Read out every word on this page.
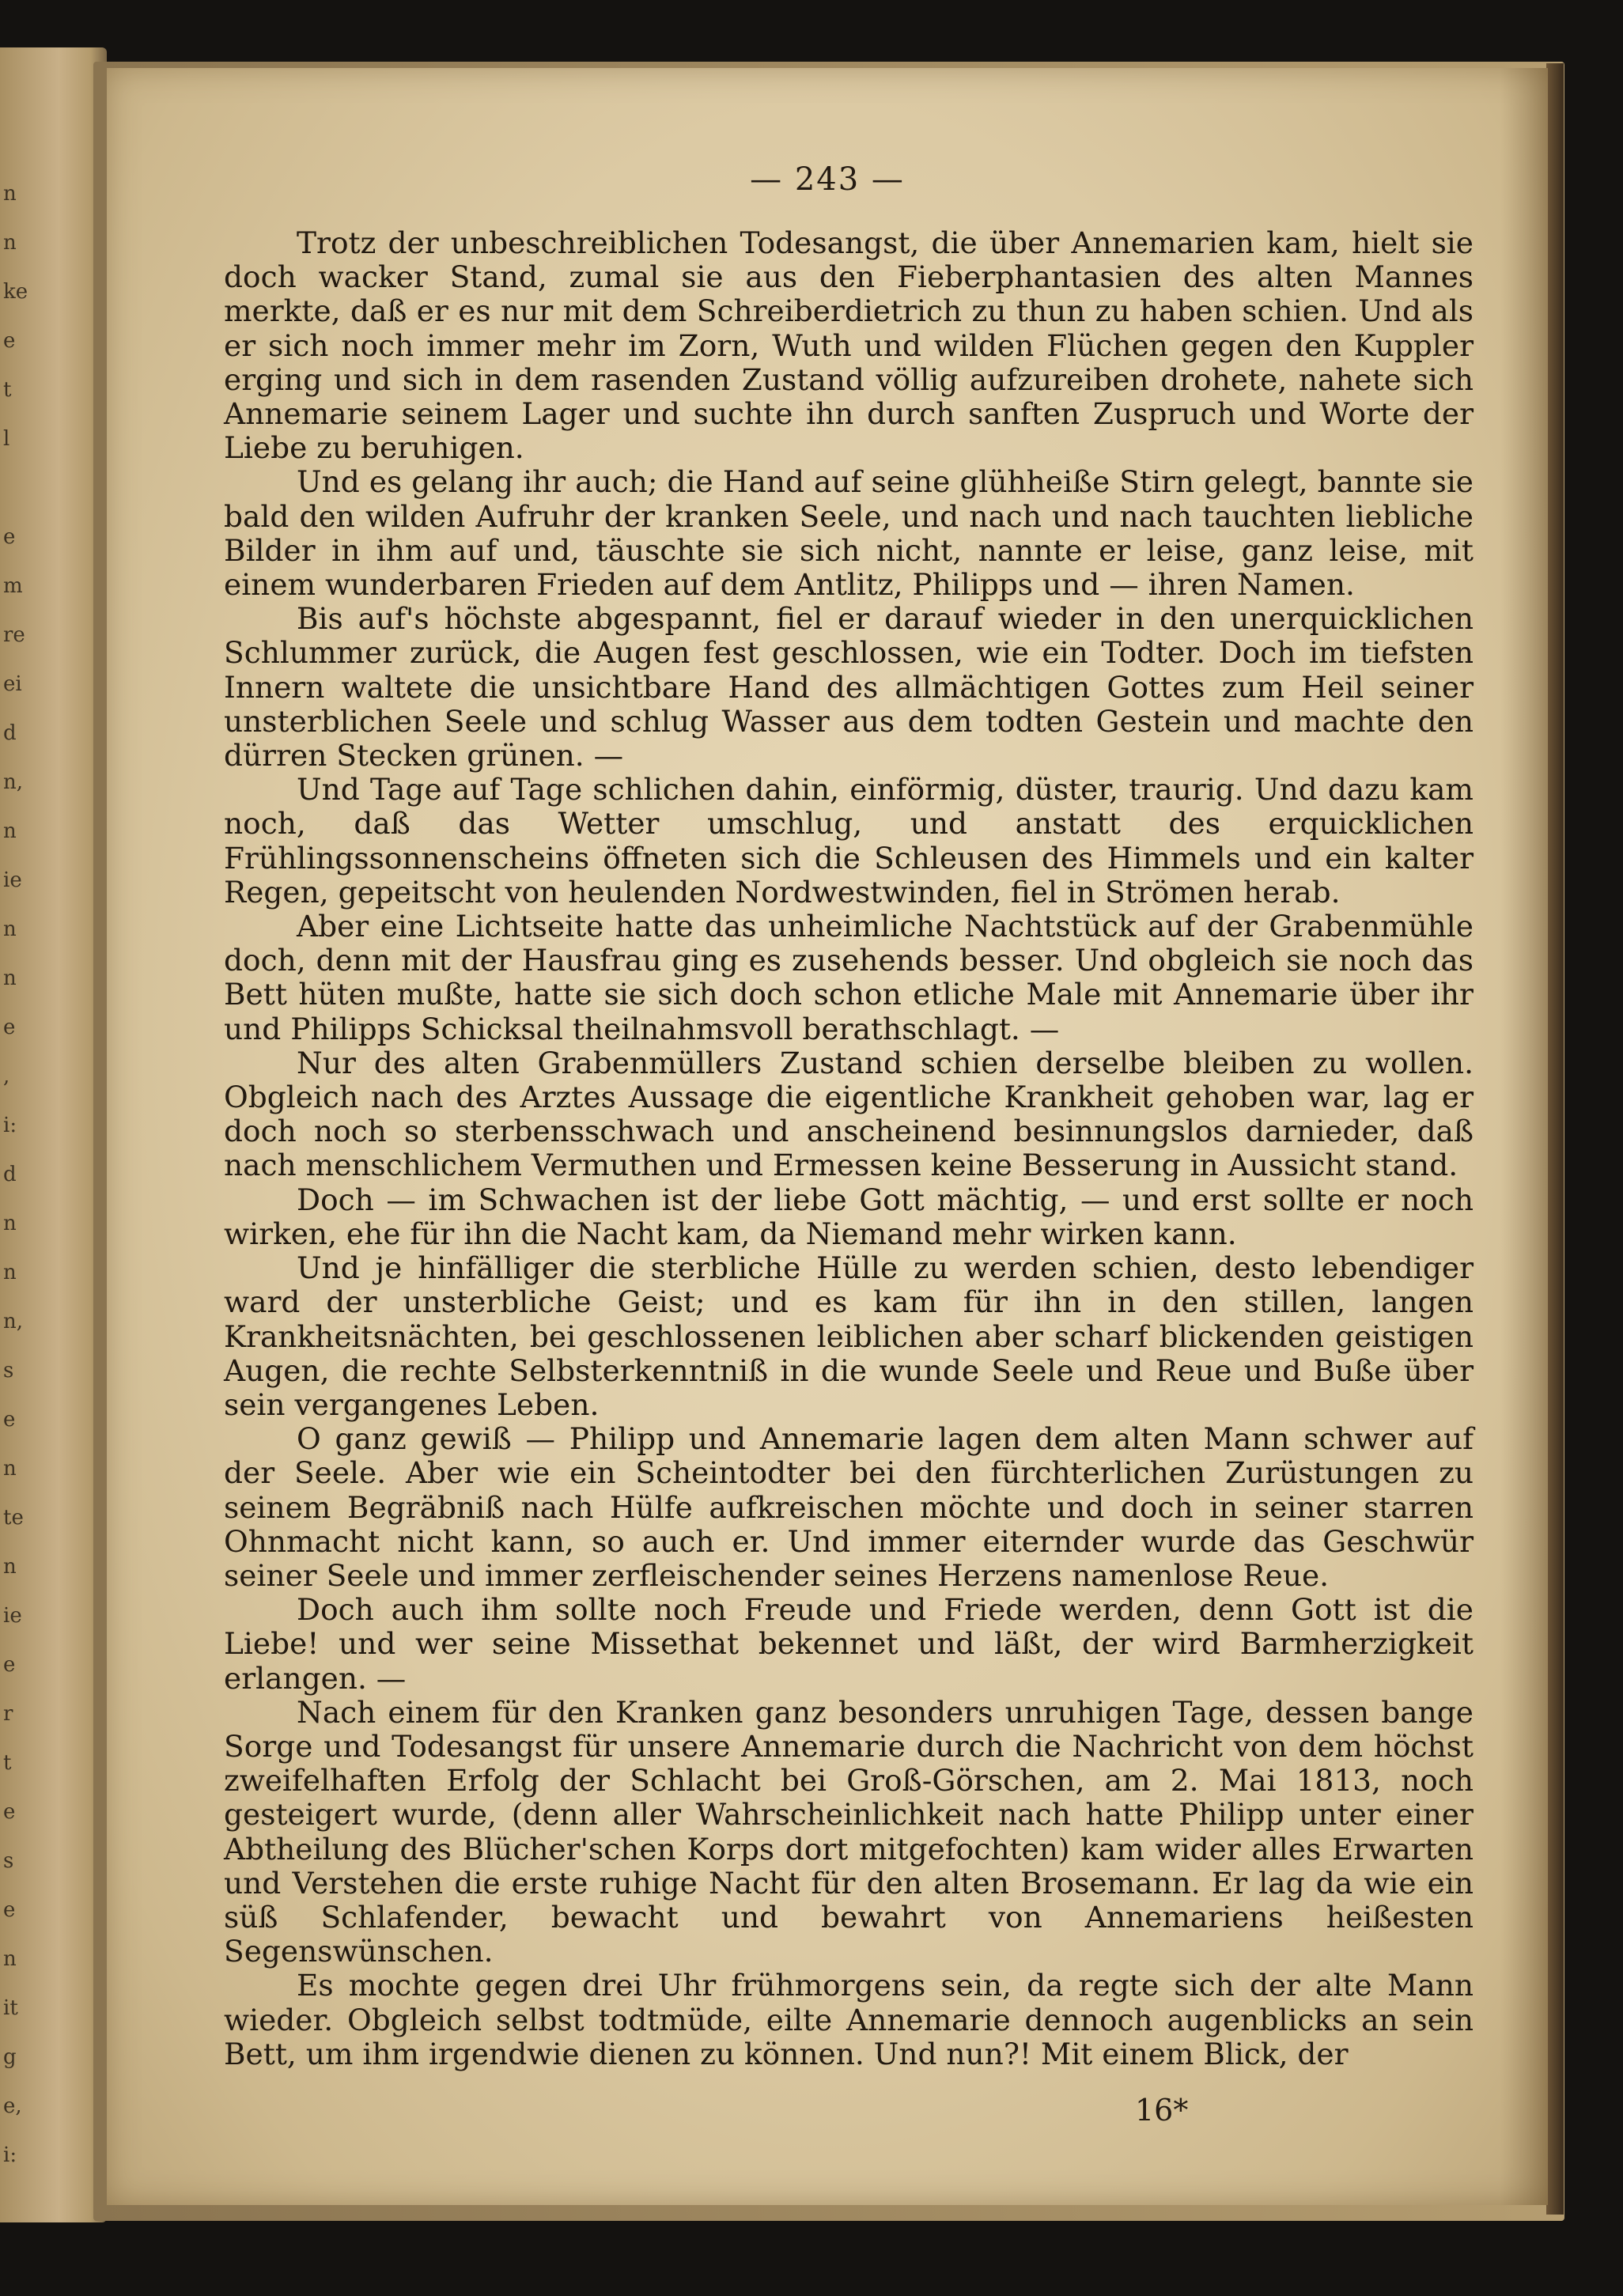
n
n
ke
e
t
l
e
m
re
ei
d
n,
n
ie
n
n
e
,
i:
d
n
n
n,
s
e
n
te
n
ie
e
r
t
e
s
e
n
it
g
e,
i:
— 243 —

Trotz der unbeschreiblichen Todesangst, die über Annemarien kam, hielt sie doch wacker Stand, zumal sie aus den Fieberphantasien des alten Mannes merkte, daß er es nur mit dem Schreiberdietrich zu thun zu haben schien. Und als er sich noch immer mehr im Zorn, Wuth und wilden Flüchen gegen den Kuppler erging und sich in dem rasenden Zustand völlig aufzureiben drohete, nahete sich Annemarie seinem Lager und suchte ihn durch sanften Zuspruch und Worte der Liebe zu beruhigen.

Und es gelang ihr auch; die Hand auf seine glühheiße Stirn gelegt, bannte sie bald den wilden Aufruhr der kranken Seele, und nach und nach tauchten liebliche Bilder in ihm auf und, täuschte sie sich nicht, nannte er leise, ganz leise, mit einem wunderbaren Frieden auf dem Antlitz, Philipps und — ihren Namen.

Bis auf's höchste abgespannt, fiel er darauf wieder in den unerquicklichen Schlummer zurück, die Augen fest geschlossen, wie ein Todter. Doch im tiefsten Innern waltete die unsichtbare Hand des allmächtigen Gottes zum Heil seiner unsterblichen Seele und schlug Wasser aus dem todten Gestein und machte den dürren Stecken grünen. —

Und Tage auf Tage schlichen dahin, einförmig, düster, traurig. Und dazu kam noch, daß das Wetter umschlug, und anstatt des erquicklichen Frühlingssonnenscheins öffneten sich die Schleusen des Himmels und ein kalter Regen, gepeitscht von heulenden Nordwestwinden, fiel in Strömen herab.

Aber eine Lichtseite hatte das unheimliche Nachtstück auf der Grabenmühle doch, denn mit der Hausfrau ging es zusehends besser. Und obgleich sie noch das Bett hüten mußte, hatte sie sich doch schon etliche Male mit Annemarie über ihr und Philipps Schicksal theilnahmsvoll berathschlagt. —

Nur des alten Grabenmüllers Zustand schien derselbe bleiben zu wollen. Obgleich nach des Arztes Aussage die eigentliche Krankheit gehoben war, lag er doch noch so sterbensschwach und anscheinend besinnungslos darnieder, daß nach menschlichem Vermuthen und Ermessen keine Besserung in Aussicht stand.

Doch — im Schwachen ist der liebe Gott mächtig, — und erst sollte er noch wirken, ehe für ihn die Nacht kam, da Niemand mehr wirken kann.

Und je hinfälliger die sterbliche Hülle zu werden schien, desto lebendiger ward der unsterbliche Geist; und es kam für ihn in den stillen, langen Krankheitsnächten, bei geschlossenen leiblichen aber scharf blickenden geistigen Augen, die rechte Selbsterkenntniß in die wunde Seele und Reue und Buße über sein vergangenes Leben.

O ganz gewiß — Philipp und Annemarie lagen dem alten Mann schwer auf der Seele. Aber wie ein Scheintodter bei den fürchterlichen Zurüstungen zu seinem Begräbniß nach Hülfe aufkreischen möchte und doch in seiner starren Ohnmacht nicht kann, so auch er. Und immer eiternder wurde das Geschwür seiner Seele und immer zerfleischender seines Herzens namenlose Reue.

Doch auch ihm sollte noch Freude und Friede werden, denn Gott ist die Liebe! und wer seine Missethat bekennet und läßt, der wird Barmherzigkeit erlangen. —

Nach einem für den Kranken ganz besonders unruhigen Tage, dessen bange Sorge und Todesangst für unsere Annemarie durch die Nachricht von dem höchst zweifelhaften Erfolg der Schlacht bei Groß-Görschen, am 2. Mai 1813, noch gesteigert wurde, (denn aller Wahrscheinlichkeit nach hatte Philipp unter einer Abtheilung des Blücher'schen Korps dort mitgefochten) kam wider alles Erwarten und Verstehen die erste ruhige Nacht für den alten Brosemann. Er lag da wie ein süß Schlafender, bewacht und bewahrt von Annemariens heißesten Segenswünschen.

Es mochte gegen drei Uhr frühmorgens sein, da regte sich der alte Mann wieder. Obgleich selbst todtmüde, eilte Annemarie dennoch augenblicks an sein Bett, um ihm irgendwie dienen zu können. Und nun?! Mit einem Blick, der

16*
